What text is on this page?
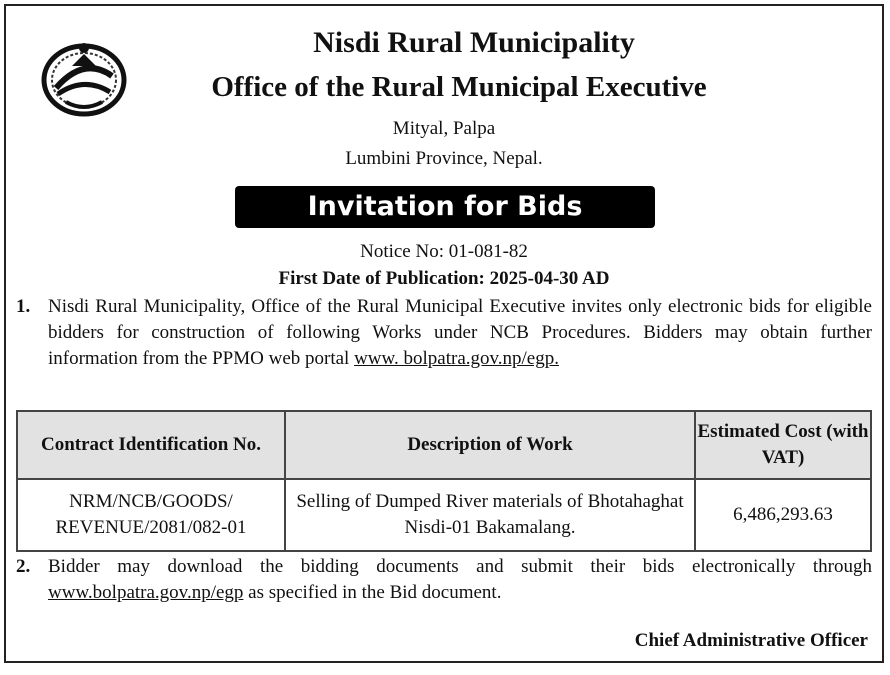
Nisdi Rural Municipality
Office of the Rural Municipal Executive
Mityal, Palpa
Lumbini Province, Nepal.
Invitation for Bids
Notice No: 01-081-82
First Date of Publication: 2025-04-30 AD
1. Nisdi Rural Municipality, Office of the Rural Municipal Executive invites only electronic bids for eligible bidders for construction of following Works under NCB Procedures. Bidders may obtain further information from the PPMO web portal www. bolpatra.gov.np/egp.
Contract Identification No.	Description of Work	Estimated Cost (with VAT)
NRM/NCB/GOODS/ REVENUE/2081/082-01	Selling of Dumped River materials of Bhotahaghat Nisdi-01 Bakamalang.	6,486,293.63
2. Bidder may download the bidding documents and submit their bids electronically through www.bolpatra.gov.np/egp as specified in the Bid document.
Chief Administrative Officer
